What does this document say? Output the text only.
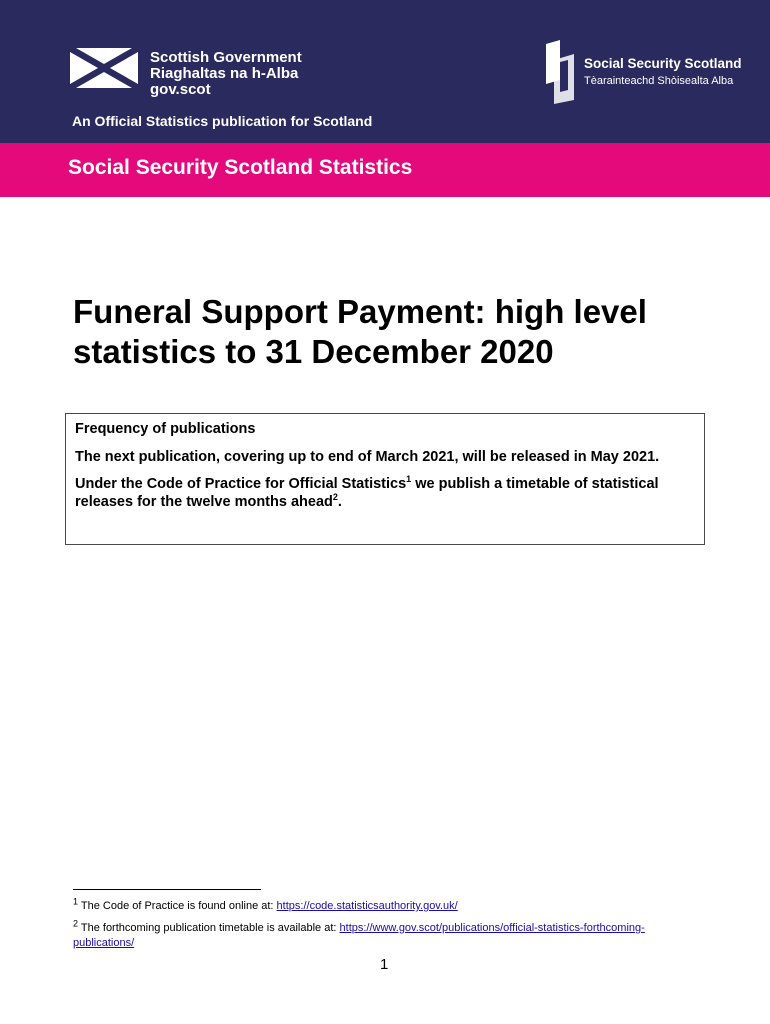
Scottish Government
Riaghaltas na h-Alba
gov.scot
Social Security Scotland
Tèarainteachd Shòisealta Alba
An Official Statistics publication for Scotland
Social Security Scotland Statistics
Funeral Support Payment: high level statistics to 31 December 2020

Frequency of publications

The next publication, covering up to end of March 2021, will be released in May 2021.

Under the Code of Practice for Official Statistics$^1$ we publish a timetable of statistical releases for the twelve months ahead$^2$.

$^1$ The Code of Practice is found online at: https://code.statisticsauthority.gov.uk/
$^2$ The forthcoming publication timetable is available at: https://www.gov.scot/publications/official-statistics-forthcoming-publications/
1
